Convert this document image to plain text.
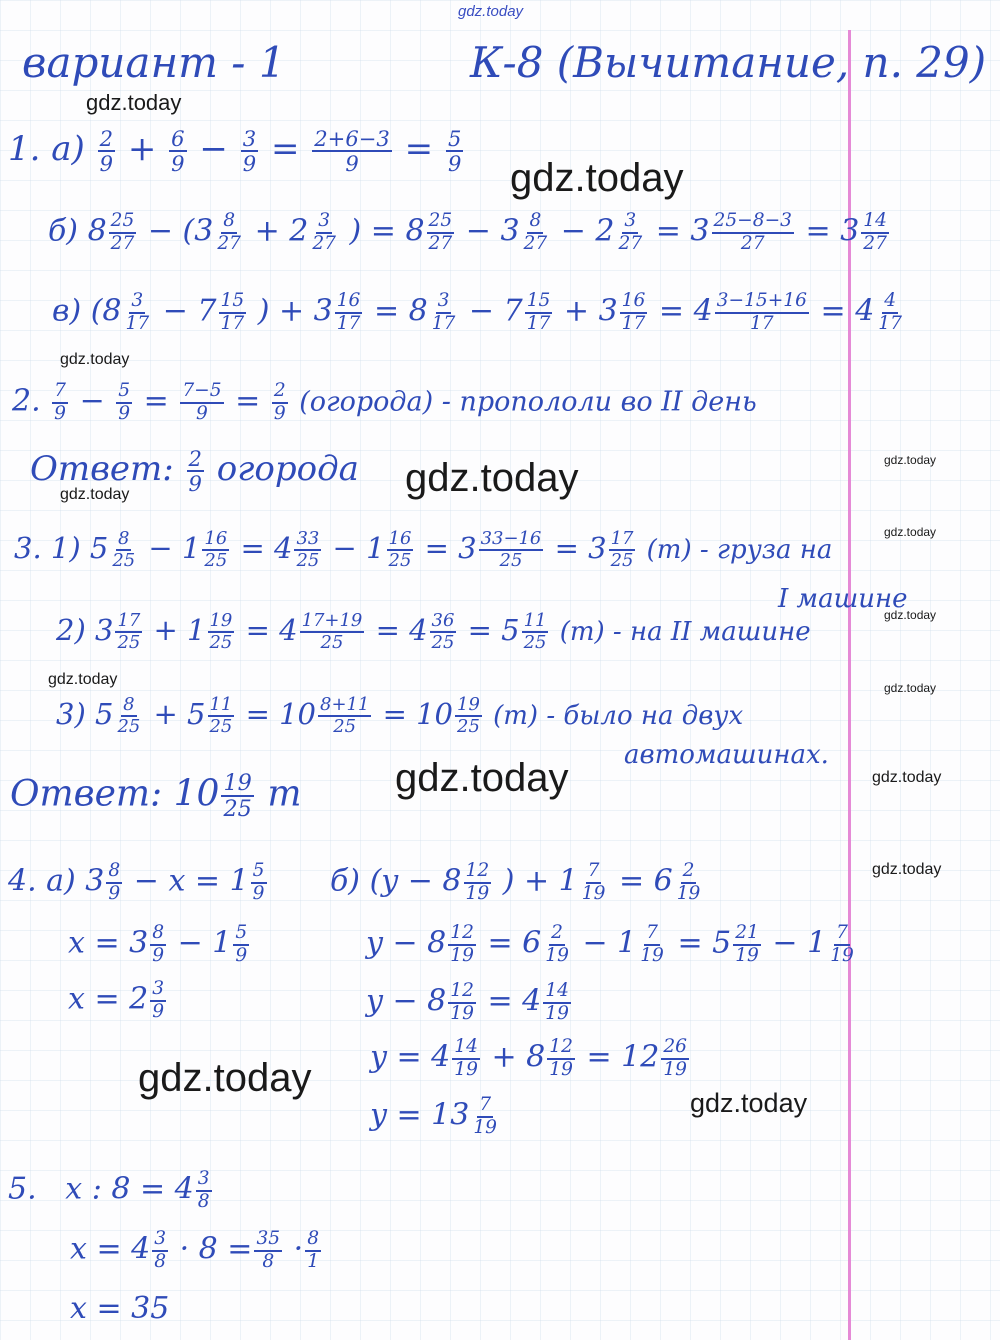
gdz.today
gdz.today
gdz.today
gdz.today
gdz.today
gdz.today
gdz.today
gdz.today
gdz.today
gdz.today	gdz.today
gdz.today	gdz.today
gdz.today
gdz.today
gdz.today
вариант - 1	К-8 (Вычитание, п. 29)
1. $а) \frac{2}{9} + \frac{6}{9} - \frac{3}{9} = \frac{2+6-3}{9} = \frac{5}{9}$
б) $8 \frac{25}{27} - (3 \frac{8}{27} + 2 \frac{3}{27}$ ) = $8 \frac{25}{27} - 3 \frac{8}{27} - 2 \frac{3}{27} = 3 \frac{25-8-3}{27} = 3 \frac{14}{27}$
в) ($8 \frac{3}{17} - 7 \frac{15}{17}$ ) + $3 \frac{16}{17} = 8 \frac{3}{17} - 7 \frac{15}{17} + 3 \frac{16}{17} = 4 \frac{3-15+16}{17} = 4 \frac{4}{17}$
2. $\frac{7}{9} - \frac{5}{9} = \frac{7-5}{9} = \frac{2}{9}$ (огорода) - пропололи во II день
Ответ: $\frac{2}{9}$ огорода
3. 1) $5 \frac{8}{25} - 1 \frac{16}{25} = 4 \frac{33}{25} - 1 \frac{16}{25} = 3 \frac{33-16}{25} = 3 \frac{17}{25} (т)$ - груза на
I машине
2) $3 \frac{17}{25} + 1 \frac{19}{25} = 4 \frac{17+19}{25} = 4 \frac{36}{25} = 5 \frac{11}{25} (т)$ - на II машине
3) $5 \frac{8}{25} + 5 \frac{11}{25} = 10 \frac{8+11}{25} = 10 \frac{19}{25} (т)$ - было на двух
автомашинах.
Ответ: $10 \frac{19}{25}$ т
4. а) $3 \frac{8}{9} - x = 1 \frac{5}{9}$
$x = 3 \frac{8}{9} - 1 \frac{5}{9}$
$x = 2 \frac{3}{9}$
б) ($y - 8 \frac{12}{19}$ ) + $1 \frac{7}{19} = 6 \frac{2}{19}$
$y - 8 \frac{12}{19} = 6 \frac{2}{19} - 1 \frac{7}{19} = 5 \frac{21}{19} - 1 \frac{7}{19}$
$y - 8 \frac{12}{19} = 4 \frac{14}{19}$
$y = 4 \frac{14}{19} + 8 \frac{12}{19} = 12 \frac{26}{19}$
$y = 13 \frac{7}{19}$
5. x : $8 = 4 \frac{3}{8}$
$x = 4 \frac{3}{8} \cdot 8 = \frac{35}{8} \cdot \frac{8}{1}$
x = 35
